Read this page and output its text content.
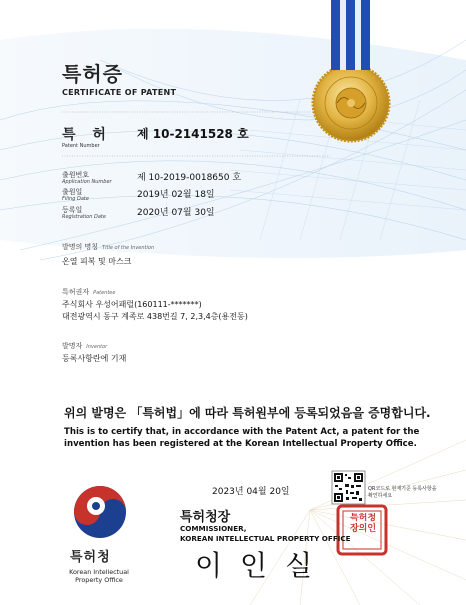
특허증
CERTIFICATE OF PATENT
특 허
Patent Number
제 10-2141528 호
출원번호
Application Number	제 10-2019-0018650 호
출원일
Filing Date	2019년 02월 18일
등록일
Registration Date	2020년 07월 30일
발명의 명칭 Title of the Invention
온열 피복 및 마스크
특허권자 Patentee
주식회사 우성어패럴(160111-*******)
대전광역시 동구 계족로 438번길 7, 2,3,4층(용전동)
발명자 Inventor
등록사항란에 기재
위의 발명은 「특허법」에 따라 특허원부에 등록되었음을 증명합니다.
This is to certify that, in accordance with the Patent Act, a patent for the invention has been registered at the Korean Intellectual Property Office.
2023년 04월 20일	QR코드로 현재기준 등록사항을 확인하세요
특허청장
COMMISSIONER,
KOREAN INTELLECTUAL PROPERTY OFFICE
이인실
특허청장의인
특허청
Korean Intellectual Property Office
